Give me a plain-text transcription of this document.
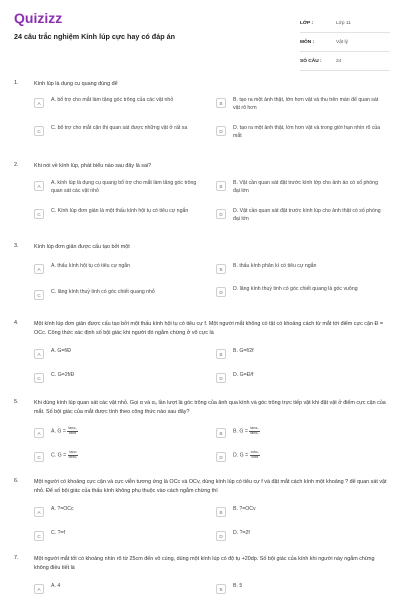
Quizizz
24 câu trắc nghiệm Kính lúp cực hay có đáp án
LỚP :	Lớp 11
MÔN :	Vật lý
SỐ CÂU :	24
1.	Kính lúp là dụng cụ quang dùng để
A	A. bổ trợ cho mắt làm tăng góc trông của các vật nhỏ	B	B. tạo ra một ảnh thật, lớn hơn vật và thu trên màn để quan sát vật rõ hơn
C	C. bổ trợ cho mắt cận thị quan sát được những vật ở rất xa	D	D. tạo ra một ảnh thật, lớn hơn vật và trong giới hạn nhìn rõ của mắt
2.	Khi nói về kính lúp, phát biểu nào sau đây là sai?
A	A. kính lúp là dụng cụ quang bổ trợ cho mắt làm tăng góc trông quan sát các vật nhỏ
B	B. Vật cần quan sát đặt trước kính lớp cho ảnh ảo có số phóng đại lớn
C	C. Kính lúp đơn giản là một thấu kính hội tụ có tiêu cự ngắn	D	D. Vật cần quan sát đặt trước kính lúp cho ảnh thật có số phóng đại lớn
3.	Kính lúp đơn giản được cấu tạo bởi một
A	A. thấu kính hội tụ có tiêu cự ngắn	B	B. thấu kính phân kì có tiêu cự ngắn
C	C. lăng kính thuỷ tinh có góc chiết quang nhỏ	D	D. lăng kính thuỷ tinh có góc chiết quang là góc vuông
4.	Một kính lúp đơn giản được cấu tạo bởi một thấu kính hội tụ có tiêu cự f. Một người mắt không có tật có khoảng cách từ mắt tới điểm cực cận Đ = OCc. Công thức xác định số bội giác khi người đó ngắm chừng ở vô cực là
A	A. G=f/Đ	B	B. G=f/2f
C	C. G=2f/Đ	D	D. G=Đ/f
5.	Khi dùng kính lúp quan sát các vật nhỏ. Gọi α và α₀ lần lượt là góc trông của ảnh qua kính và góc trông trực tiếp vật khi đặt vật ở điểm cực cận của mắt. Số bội giác của mắt được tính theo công thức nào sau đây?
A	A. $G = \frac{\text{tanα₀}}{\tan\alpha}$	B	B. $G = \frac{\text{tanα₀}}{\text{tanα₀}}$
C	C. $G = \frac{\tan\alpha}{\text{tanα₀}}$	D	D. $G = \frac{\text{cotα₀}}{\cot\alpha}$
6.	Một người có khoảng cực cận và cực viễn tương ứng là OCc và OCv, dùng kính lúp có tiêu cự f và đặt mắt cách kính một khoảng ? để quan sát vật nhỏ. Để số bội giác của thấu kính không phụ thuộc vào cách ngắm chừng thì
A	A. ?=OCc	B	B. ?=OCv
C	C. ?=f	D	D. ?=2f
7.	Một người mắt tốt có khoảng nhìn rõ từ 25cm đến vô cùng, dùng một kính lúp có độ tụ +20dp. Số bội giác của kính khi người này ngắm chừng không điều tiết là
A	A. 4	B	B. 5
